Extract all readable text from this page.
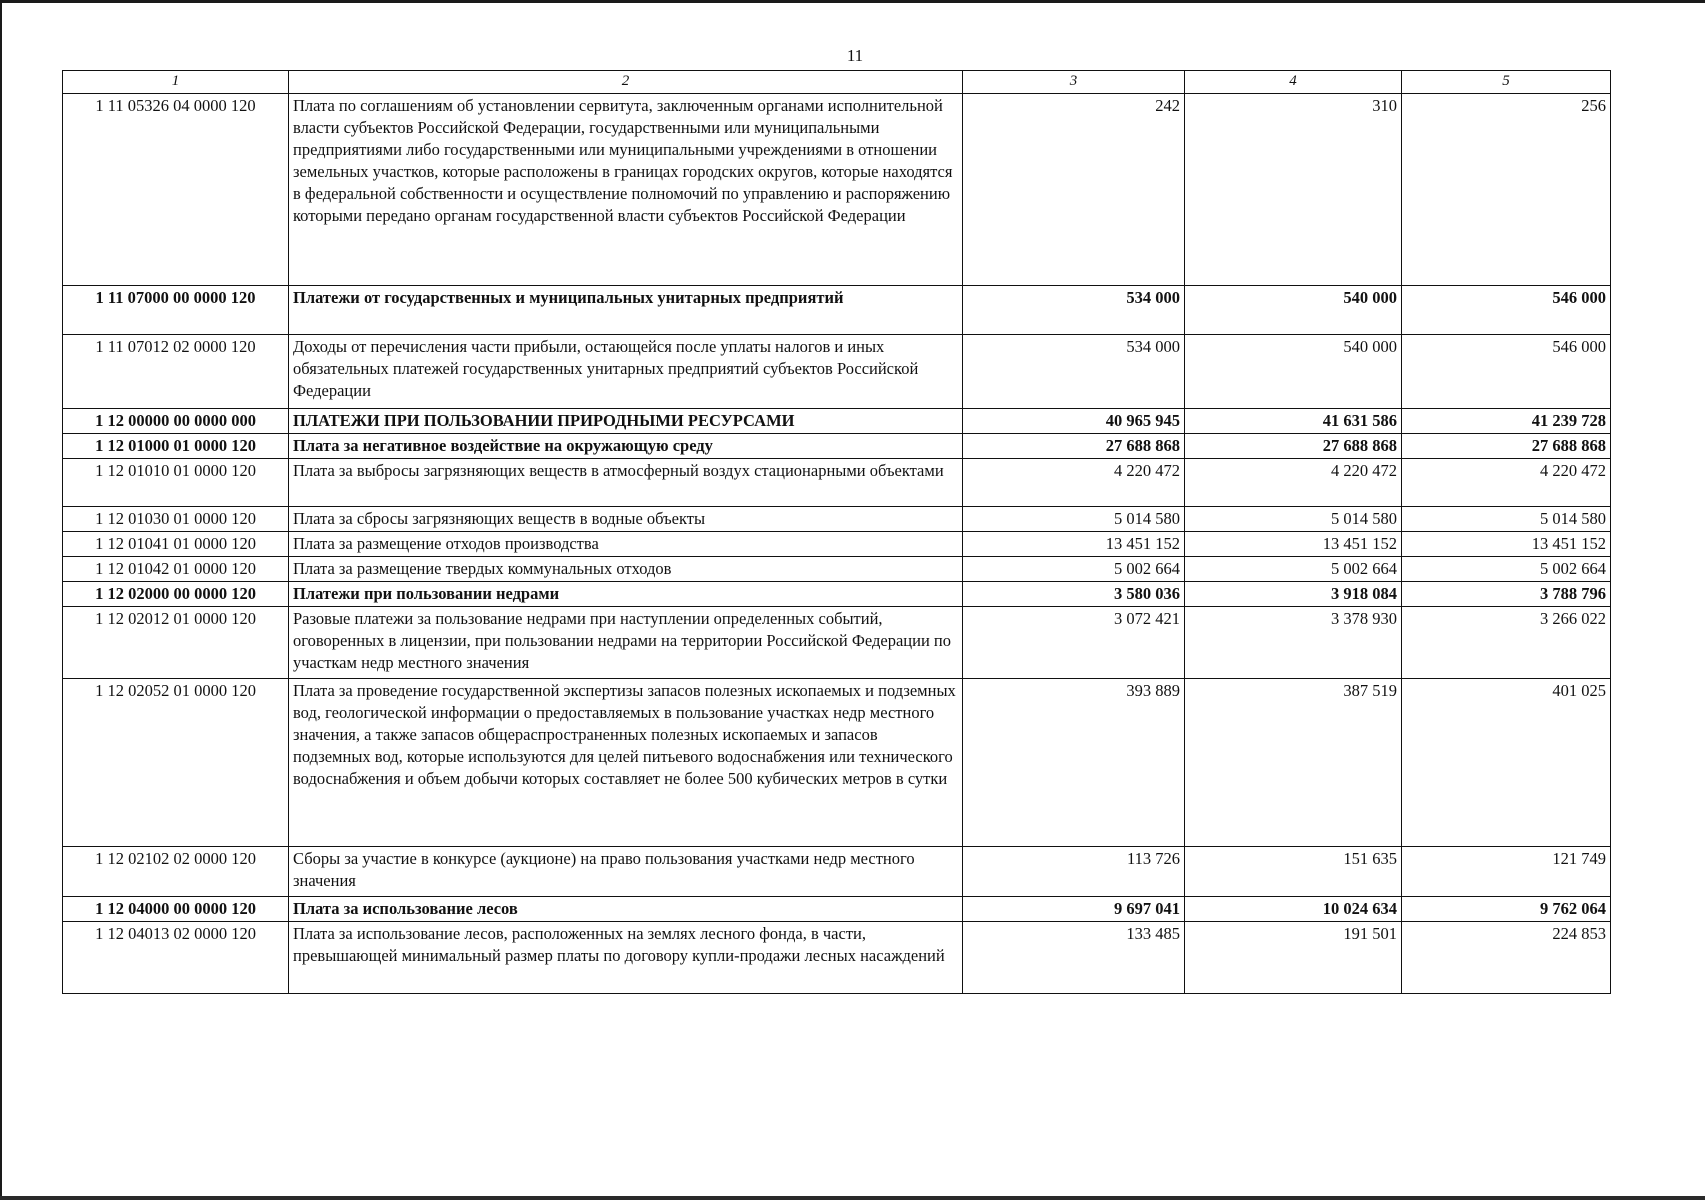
11
1	2	3	4	5
1 11 05326 04 0000 120	Плата по соглашениям об установлении сервитута, заключенным органами исполнительной власти субъектов Российской Федерации, государственными или муниципальными предприятиями либо государственными или муниципальными учреждениями в отношении земельных участков, которые расположены в границах городских округов, которые находятся в федеральной собственности и осуществление полномочий по управлению и распоряжению которыми передано органам государственной власти субъектов Российской Федерации	242	310	256
1 11 07000 00 0000 120	Платежи от государственных и муниципальных унитарных предприятий	534 000	540 000	546 000
1 11 07012 02 0000 120	Доходы от перечисления части прибыли, остающейся после уплаты налогов и иных обязательных платежей государственных унитарных предприятий субъектов Российской Федерации	534 000	540 000	546 000
1 12 00000 00 0000 000	ПЛАТЕЖИ ПРИ ПОЛЬЗОВАНИИ ПРИРОДНЫМИ РЕСУРСАМИ	40 965 945	41 631 586	41 239 728
1 12 01000 01 0000 120	Плата за негативное воздействие на окружающую среду	27 688 868	27 688 868	27 688 868
1 12 01010 01 0000 120	Плата за выбросы загрязняющих веществ в атмосферный воздух стационарными объектами	4 220 472	4 220 472	4 220 472
1 12 01030 01 0000 120	Плата за сбросы загрязняющих веществ в водные объекты	5 014 580	5 014 580	5 014 580
1 12 01041 01 0000 120	Плата за размещение отходов производства	13 451 152	13 451 152	13 451 152
1 12 01042 01 0000 120	Плата за размещение твердых коммунальных отходов	5 002 664	5 002 664	5 002 664
1 12 02000 00 0000 120	Платежи при пользовании недрами	3 580 036	3 918 084	3 788 796
1 12 02012 01 0000 120	Разовые платежи за пользование недрами при наступлении определенных событий, оговоренных в лицензии, при пользовании недрами на территории Российской Федерации по участкам недр местного значения	3 072 421	3 378 930	3 266 022
1 12 02052 01 0000 120	Плата за проведение государственной экспертизы запасов полезных ископаемых и подземных вод, геологической информации о предоставляемых в пользование участках недр местного значения, а также запасов общераспространенных полезных ископаемых и запасов подземных вод, которые используются для целей питьевого водоснабжения или технического водоснабжения и объем добычи которых составляет не более 500 кубических метров в сутки	393 889	387 519	401 025
1 12 02102 02 0000 120	Сборы за участие в конкурсе (аукционе) на право пользования участками недр местного значения	113 726	151 635	121 749
1 12 04000 00 0000 120	Плата за использование лесов	9 697 041	10 024 634	9 762 064
1 12 04013 02 0000 120	Плата за использование лесов, расположенных на землях лесного фонда, в части, превышающей минимальный размер платы по договору купли-продажи лесных насаждений	133 485	191 501	224 853
